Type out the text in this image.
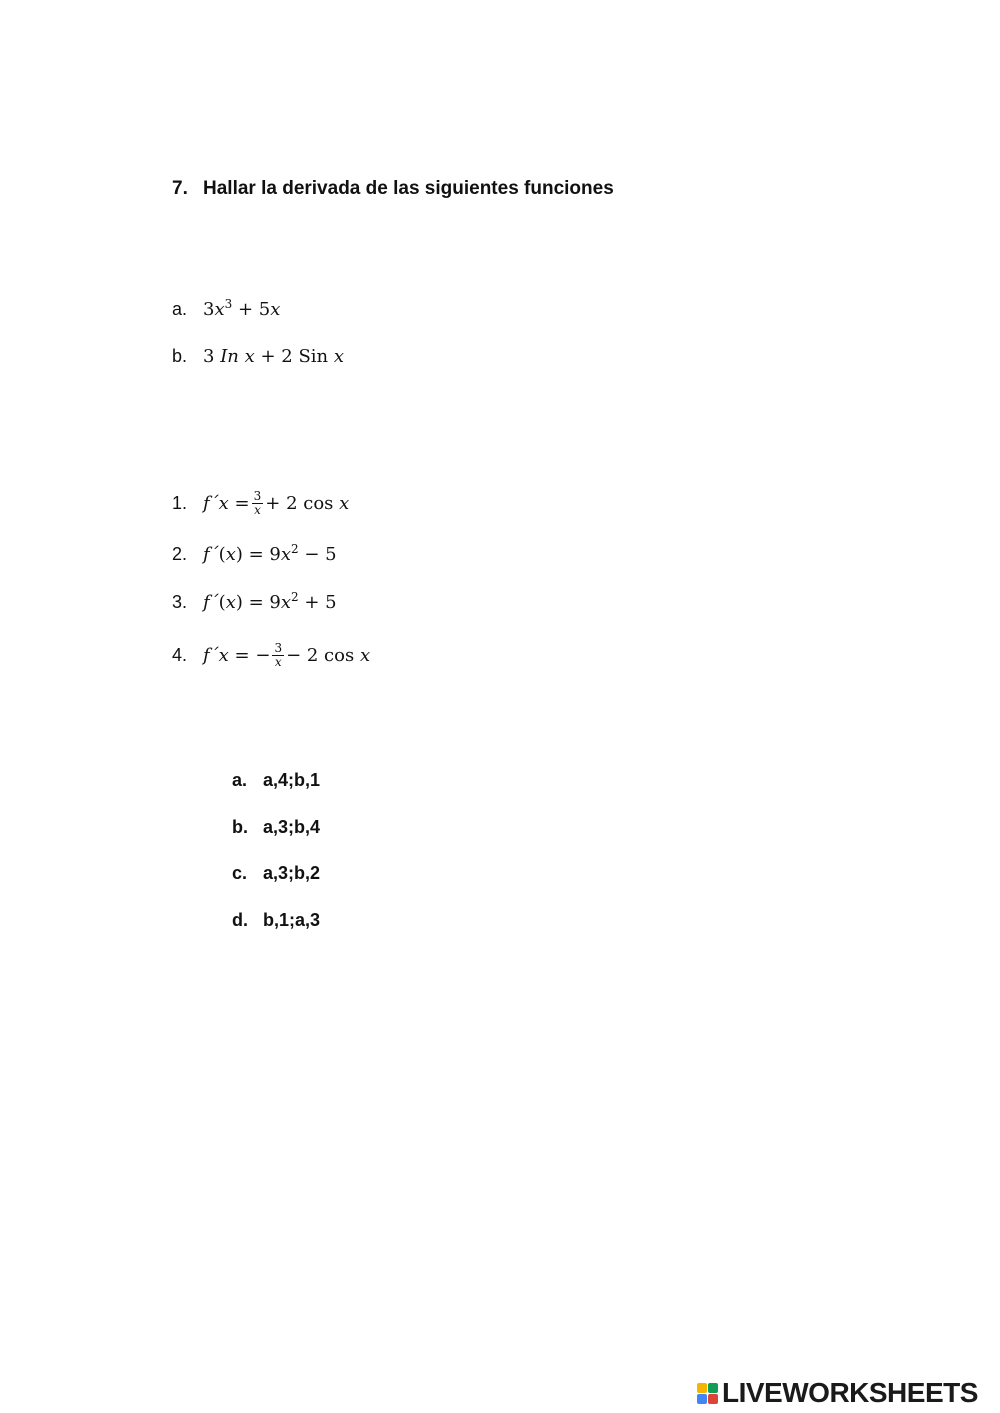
7. Hallar la derivada de las siguientes funciones
a. $3x^3 + 5x$
b. 3 In x + 2 Sin x
1. f´x = $\frac{3}{x} + 2$ cos x
2. f´(x) = $9x^2 - 5$
3. f´(x) = $9x^2 + 5$
4. f´x = − $\frac{3}{x} - 2$ cos x
a. a,4;b,1
b. a,3;b,4
c. a,3;b,2
d. b,1;a,3
LIVEWORKSHEETS
